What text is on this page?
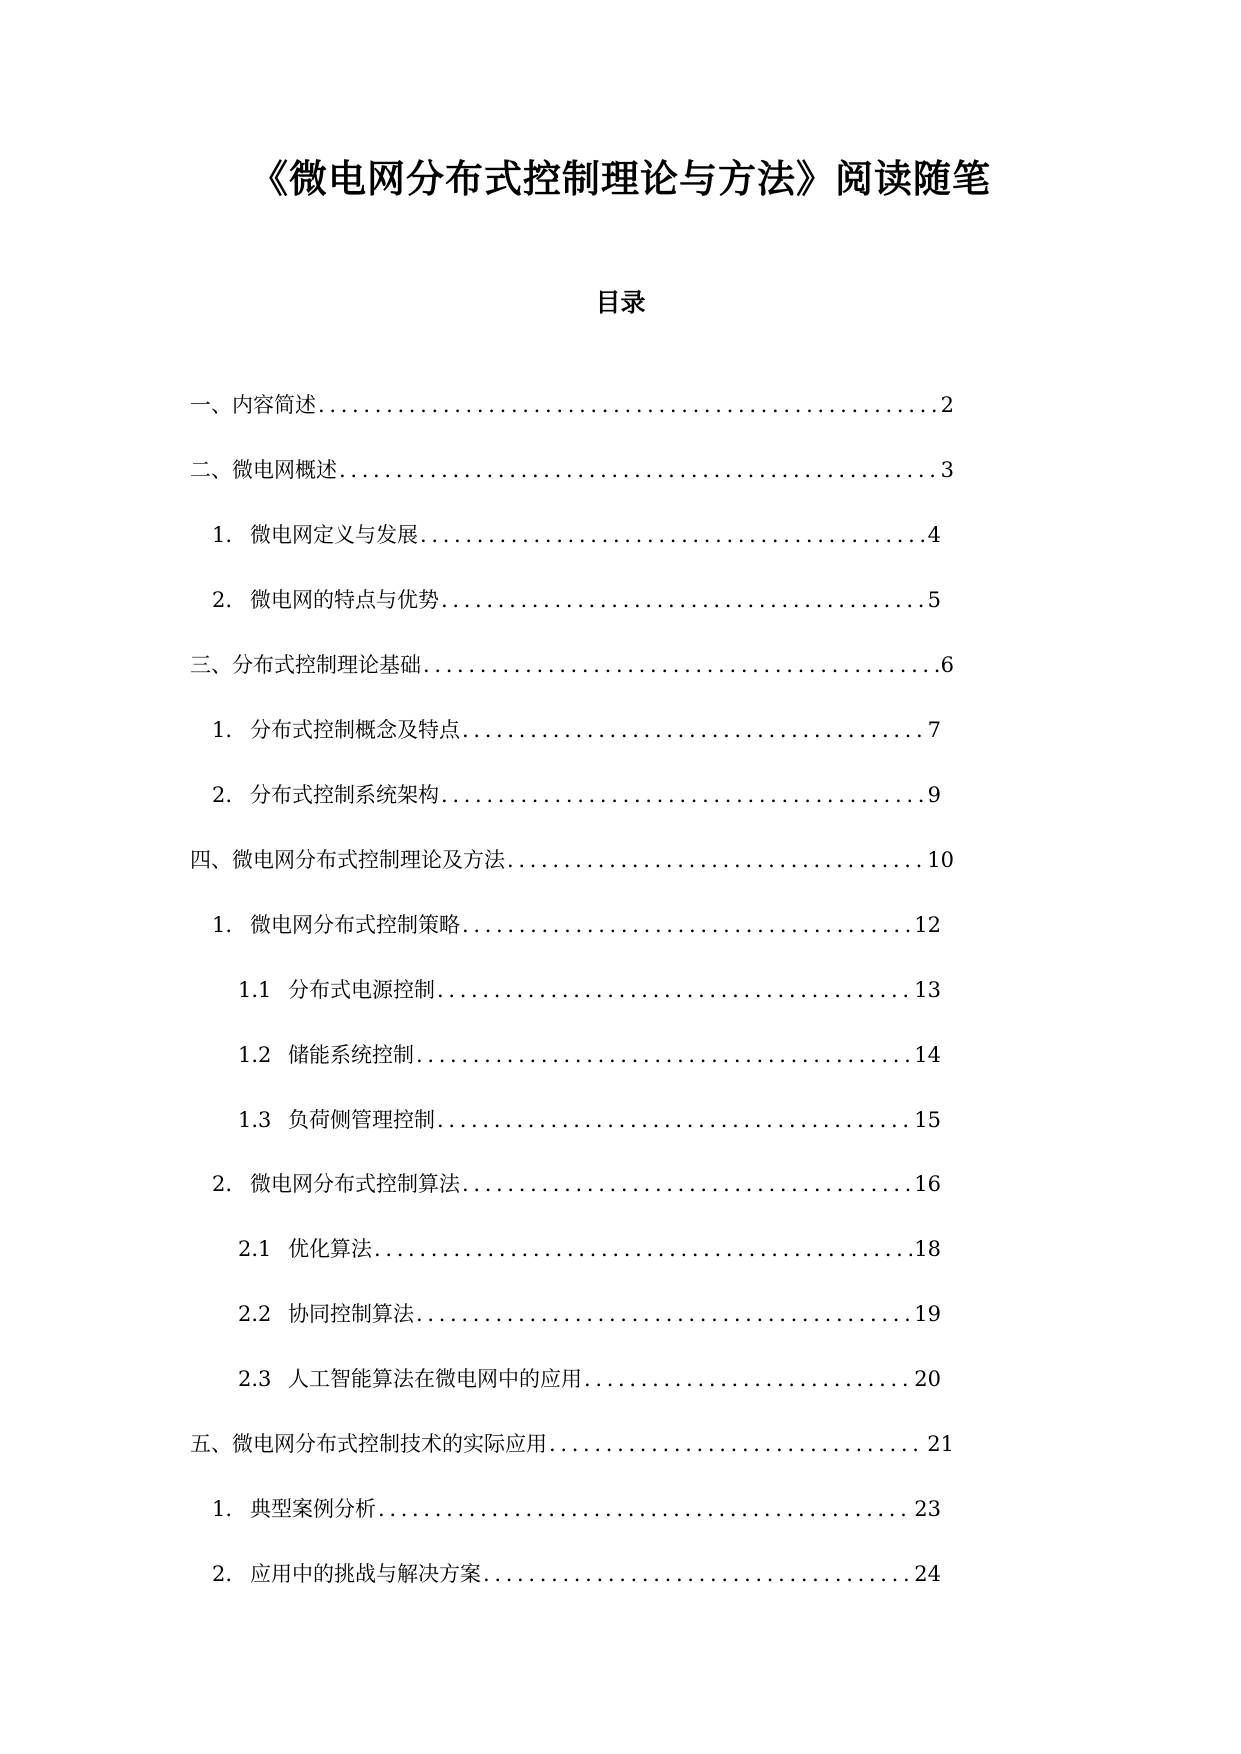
《微电网分布式控制理论与方法》阅读随笔
目录
一、内容简述 . . .	2
二、微电网概述 . . .	3
1. 微电网定义与发展 . . .	4
2. 微电网的特点与优势 . . .	5
三、分布式控制理论基础 . . .	6
1. 分布式控制概念及特点 . . .	7
2. 分布式控制系统架构 . . .	9
四、微电网分布式控制理论及方法 . . .	10
1. 微电网分布式控制策略 . . .	12
1.1 分布式电源控制 . . .	13
1.2 储能系统控制 . . .	14
1.3 负荷侧管理控制 . . .	15
2. 微电网分布式控制算法 . . .	16
2.1 优化算法 . . .	18
2.2 协同控制算法 . . .	19
2.3 人工智能算法在微电网中的应用 . . .	20
五、微电网分布式控制技术的实际应用 . . .	21
1. 典型案例分析 . . .	23
2. 应用中的挑战与解决方案 . . .	24
